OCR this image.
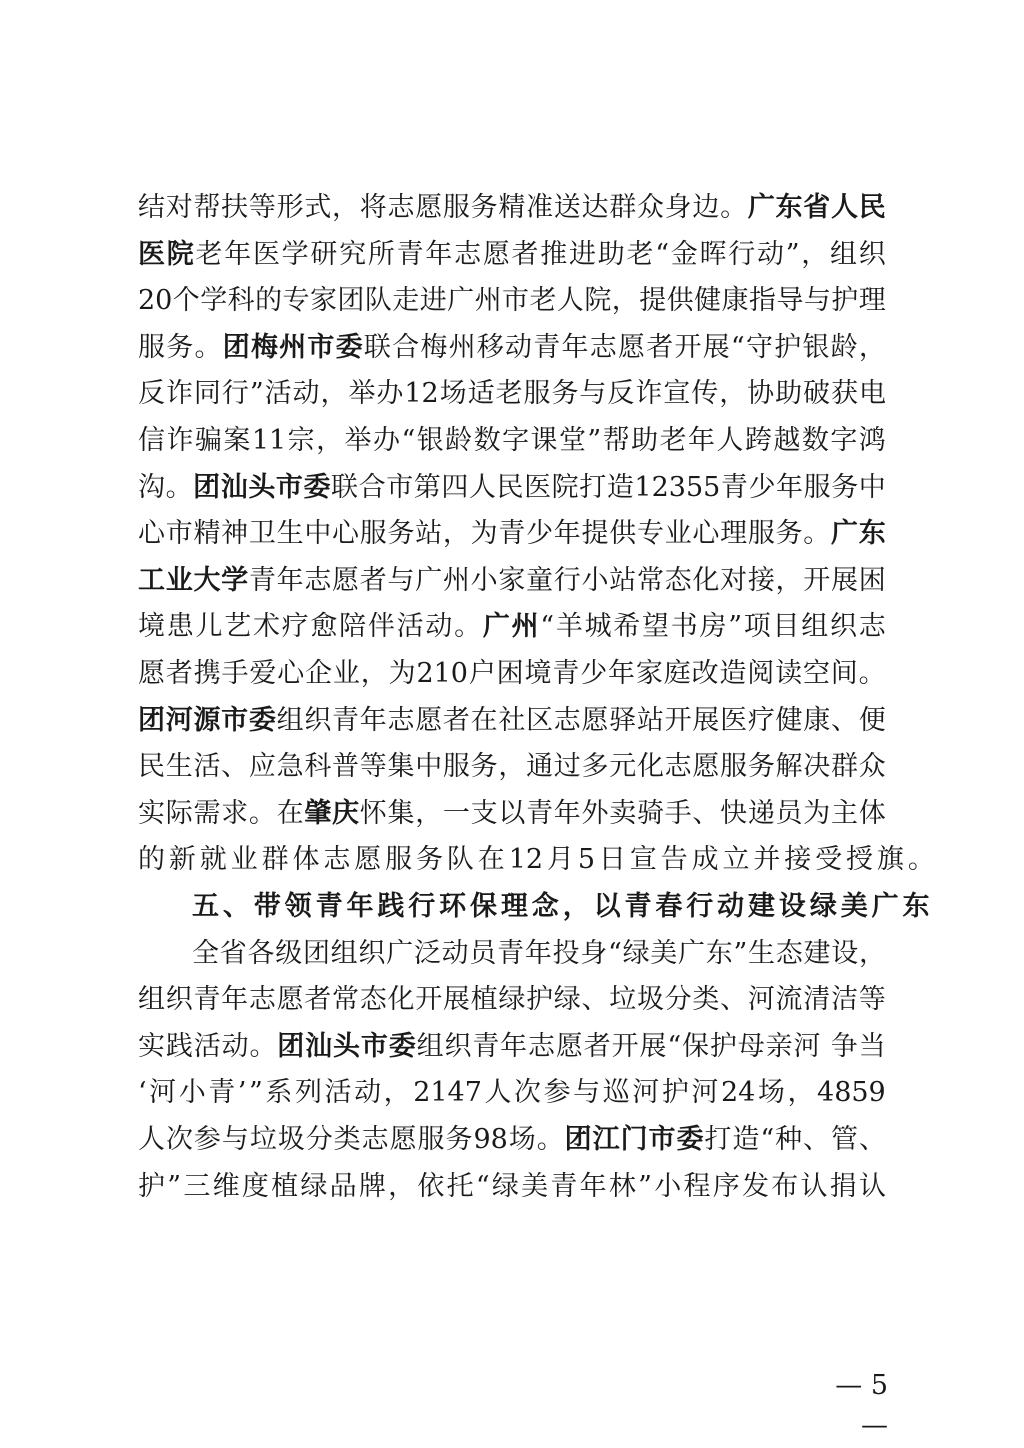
结 对 帮 扶 等 形 式 ， 将 志 愿 服 务 精 准 送 达 群 众 身 边 。 广 东 省 人 民
医 院 老 年 医 学 研 究 所 青 年 志 愿 者 推 进 助 老 “ 金 晖 行 动 ” ， 组 织
20 个 学 科 的 专 家 团 队 走 进 广 州 市 老 人 院 ， 提 供 健 康 指 导 与 护 理
服 务 。 团 梅 州 市 委 联 合 梅 州 移 动 青 年 志 愿 者 开 展 “ 守 护 银 龄 ，
反 诈 同 行 ” 活 动 ， 举 办 12 场 适 老 服 务 与 反 诈 宣 传 ， 协 助 破 获 电
信 诈 骗 案 11 宗 ， 举 办 “ 银 龄 数 字 课 堂 ” 帮 助 老 年 人 跨 越 数 字 鸿
沟 。 团 汕 头 市 委 联 合 市 第 四 人 民 医 院 打 造 12355 青 少 年 服 务 中
心 市 精 神 卫 生 中 心 服 务 站 ， 为 青 少 年 提 供 专 业 心 理 服 务 。 广 东
工 业 大 学 青 年 志 愿 者 与 广 州 小 家 童 行 小 站 常 态 化 对 接 ， 开 展 困
境 患 儿 艺 术 疗 愈 陪 伴 活 动 。 广 州 “ 羊 城 希 望 书 房 ” 项 目 组 织 志
愿 者 携 手 爱 心 企 业 ， 为 210 户 困 境 青 少 年 家 庭 改 造 阅 读 空 间 。
团 河 源 市 委 组 织 青 年 志 愿 者 在 社 区 志 愿 驿 站 开 展 医 疗 健 康 、 便
民 生 活 、 应 急 科 普 等 集 中 服 务 ， 通 过 多 元 化 志 愿 服 务 解 决 群 众
实 际 需 求 。 在 肇 庆 怀 集 ， 一 支 以 青 年 外 卖 骑 手 、 快 递 员 为 主 体
的 新 就 业 群 体 志 愿 服 务 队 在 12 月 5 日 宣 告 成 立 并 接 受 授 旗 。
五 、 带 领 青 年 践 行 环 保 理 念 ， 以 青 春 行 动 建 设 绿 美 广 东
全 省 各 级 团 组 织 广 泛 动 员 青 年 投 身 “ 绿 美 广 东 ” 生 态 建 设 ，
组 织 青 年 志 愿 者 常 态 化 开 展 植 绿 护 绿 、 垃 圾 分 类 、 河 流 清 洁 等
实 践 活 动 。 团 汕 头 市 委 组 织 青 年 志 愿 者 开 展 “ 保 护 母 亲 河
争 当
‘ 河 小 青 ’ ” 系 列 活 动 ， 2147 人 次 参 与 巡 河 护 河 24 场 ， 4859
人 次 参 与 垃 圾 分 类 志 愿 服 务 98 场 。 团 江 门 市 委 打 造 “ 种 、 管 、
护 ” 三 维 度 植 绿 品 牌 ， 依 托 “ 绿 美 青 年 林 ” 小 程 序 发 布 认 捐 认
— 5 —
